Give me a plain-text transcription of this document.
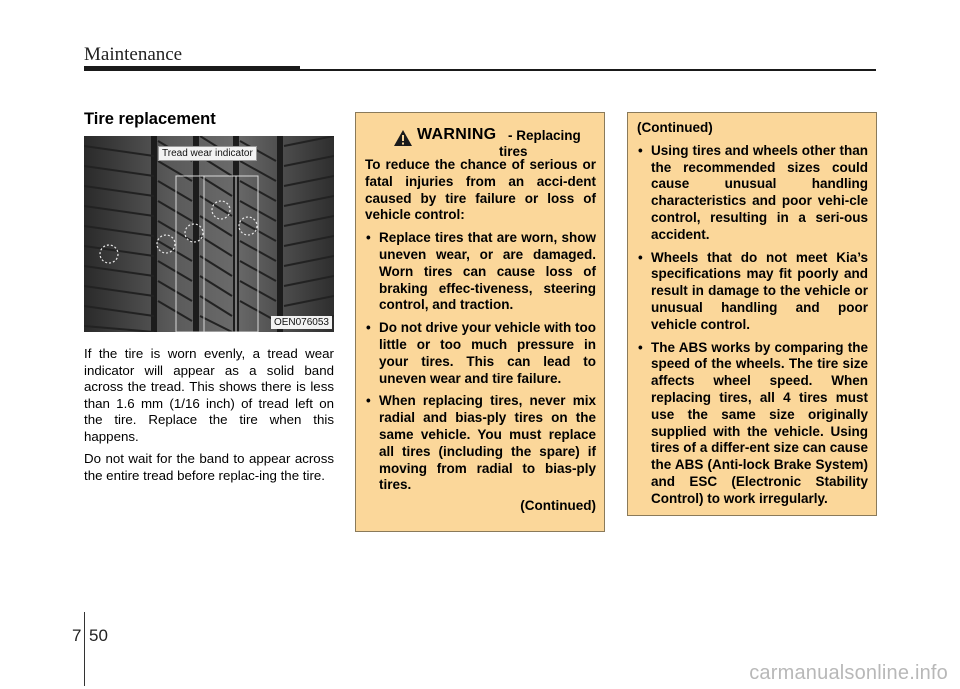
Maintenance
Tire replacement
Tread wear indicator
OEN076053

If the tire is worn evenly, a tread wear indicator will appear as a solid band across the tread. This shows there is less than 1.6 mm (1/16 inch) of tread left on the tire. Replace the tire when this happens.

Do not wait for the band to appear across the entire tread before replac-ing the tire.

WARNING - Replacing
tires

To reduce the chance of serious or fatal injuries from an acci-dent caused by tire failure or loss of vehicle control:

• Replace tires that are worn, show uneven wear, or are damaged. Worn tires can cause loss of braking effec-tiveness, steering control, and traction.
• Do not drive your vehicle with too little or too much pressure in your tires. This can lead to uneven wear and tire failure.
• When replacing tires, never mix radial and bias-ply tires on the same vehicle. You must replace all tires (including the spare) if moving from radial to bias-ply tires.
(Continued)

(Continued)

• Using tires and wheels other than the recommended sizes could cause unusual handling characteristics and poor vehi-cle control, resulting in a seri-ous accident.
• Wheels that do not meet Kia’s specifications may fit poorly and result in damage to the vehicle or unusual handling and poor vehicle control.
• The ABS works by comparing the speed of the wheels. The tire size affects wheel speed. When replacing tires, all 4 tires must use the same size originally supplied with the vehicle. Using tires of a differ-ent size can cause the ABS (Anti-lock Brake System) and ESC (Electronic Stability Control) to work irregularly.
7 50
carmanualsonline.info
